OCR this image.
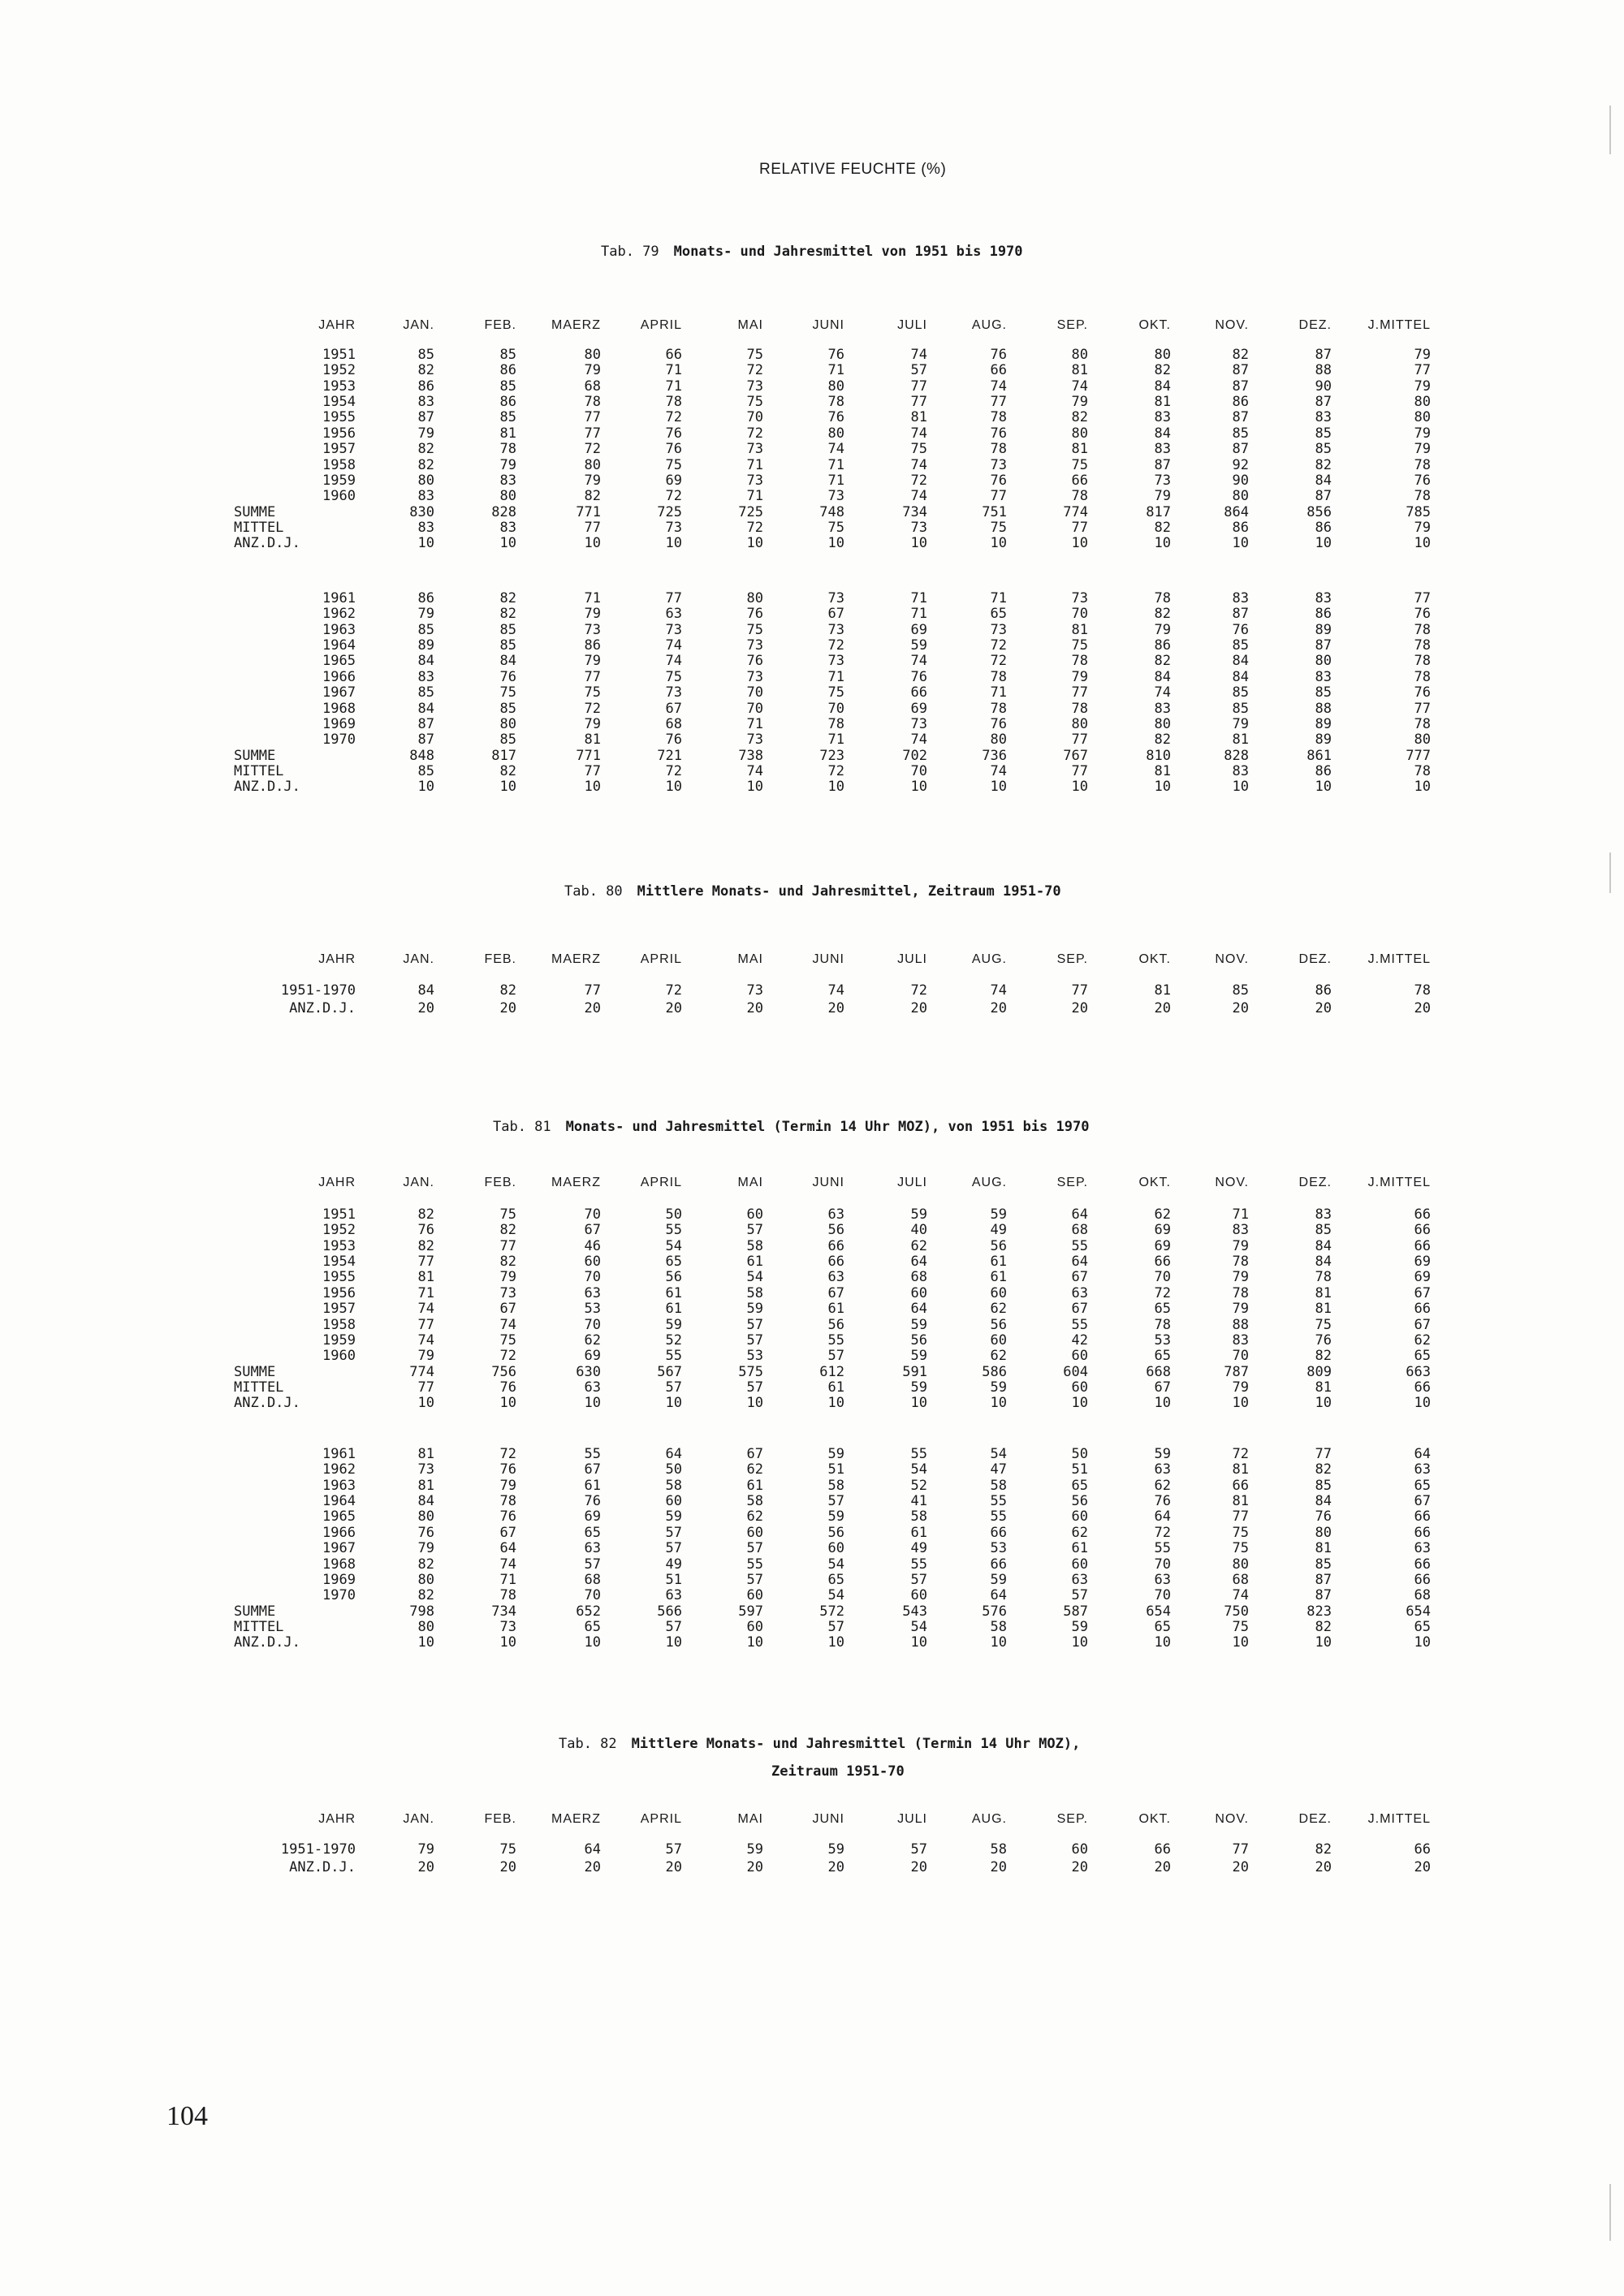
RELATIVE FEUCHTE (%)
Tab. 79 Monats- und Jahresmittel von 1951 bis 1970
JAHR	JAN.	FEB.	MAERZ	APRIL	MAI	JUNI	JULI	AUG.	SEP.	OKT.	NOV.	DEZ.	J.MITTEL
1951	85	85	80	66	75	76	74	76	80	80	82	87	79
1952	82	86	79	71	72	71	57	66	81	82	87	88	77
1953	86	85	68	71	73	80	77	74	74	84	87	90	79
1954	83	86	78	78	75	78	77	77	79	81	86	87	80
1955	87	85	77	72	70	76	81	78	82	83	87	83	80
1956	79	81	77	76	72	80	74	76	80	84	85	85	79
1957	82	78	72	76	73	74	75	78	81	83	87	85	79
1958	82	79	80	75	71	71	74	73	75	87	92	82	78
1959	80	83	79	69	73	71	72	76	66	73	90	84	76
1960	83	80	82	72	71	73	74	77	78	79	80	87	78
SUMME	830	828	771	725	725	748	734	751	774	817	864	856	785
MITTEL	83	83	77	73	72	75	73	75	77	82	86	86	79
ANZ.D.J.	10	10	10	10	10	10	10	10	10	10	10	10	10
1961	86	82	71	77	80	73	71	71	73	78	83	83	77
1962	79	82	79	63	76	67	71	65	70	82	87	86	76
1963	85	85	73	73	75	73	69	73	81	79	76	89	78
1964	89	85	86	74	73	72	59	72	75	86	85	87	78
1965	84	84	79	74	76	73	74	72	78	82	84	80	78
1966	83	76	77	75	73	71	76	78	79	84	84	83	78
1967	85	75	75	73	70	75	66	71	77	74	85	85	76
1968	84	85	72	67	70	70	69	78	78	83	85	88	77
1969	87	80	79	68	71	78	73	76	80	80	79	89	78
1970	87	85	81	76	73	71	74	80	77	82	81	89	80
SUMME	848	817	771	721	738	723	702	736	767	810	828	861	777
MITTEL	85	82	77	72	74	72	70	74	77	81	83	86	78
ANZ.D.J.	10	10	10	10	10	10	10	10	10	10	10	10	10
Tab. 80 Mittlere Monats- und Jahresmittel, Zeitraum 1951-70
JAHR	JAN.	FEB.	MAERZ	APRIL	MAI	JUNI	JULI	AUG.	SEP.	OKT.	NOV.	DEZ.	J.MITTEL
1951-1970	84	82	77	72	73	74	72	74	77	81	85	86	78
ANZ.D.J.	20	20	20	20	20	20	20	20	20	20	20	20	20
Tab. 81 Monats- und Jahresmittel (Termin 14 Uhr MOZ), von 1951 bis 1970
JAHR	JAN.	FEB.	MAERZ	APRIL	MAI	JUNI	JULI	AUG.	SEP.	OKT.	NOV.	DEZ.	J.MITTEL
1951	82	75	70	50	60	63	59	59	64	62	71	83	66
1952	76	82	67	55	57	56	40	49	68	69	83	85	66
1953	82	77	46	54	58	66	62	56	55	69	79	84	66
1954	77	82	60	65	61	66	64	61	64	66	78	84	69
1955	81	79	70	56	54	63	68	61	67	70	79	78	69
1956	71	73	63	61	58	67	60	60	63	72	78	81	67
1957	74	67	53	61	59	61	64	62	67	65	79	81	66
1958	77	74	70	59	57	56	59	56	55	78	88	75	67
1959	74	75	62	52	57	55	56	60	42	53	83	76	62
1960	79	72	69	55	53	57	59	62	60	65	70	82	65
SUMME	774	756	630	567	575	612	591	586	604	668	787	809	663
MITTEL	77	76	63	57	57	61	59	59	60	67	79	81	66
ANZ.D.J.	10	10	10	10	10	10	10	10	10	10	10	10	10
1961	81	72	55	64	67	59	55	54	50	59	72	77	64
1962	73	76	67	50	62	51	54	47	51	63	81	82	63
1963	81	79	61	58	61	58	52	58	65	62	66	85	65
1964	84	78	76	60	58	57	41	55	56	76	81	84	67
1965	80	76	69	59	62	59	58	55	60	64	77	76	66
1966	76	67	65	57	60	56	61	66	62	72	75	80	66
1967	79	64	63	57	57	60	49	53	61	55	75	81	63
1968	82	74	57	49	55	54	55	66	60	70	80	85	66
1969	80	71	68	51	57	65	57	59	63	63	68	87	66
1970	82	78	70	63	60	54	60	64	57	70	74	87	68
SUMME	798	734	652	566	597	572	543	576	587	654	750	823	654
MITTEL	80	73	65	57	60	57	54	58	59	65	75	82	65
ANZ.D.J.	10	10	10	10	10	10	10	10	10	10	10	10	10
Tab. 82 Mittlere Monats- und Jahresmittel (Termin 14 Uhr MOZ),
Zeitraum 1951-70
JAHR	JAN.	FEB.	MAERZ	APRIL	MAI	JUNI	JULI	AUG.	SEP.	OKT.	NOV.	DEZ.	J.MITTEL
1951-1970	79	75	64	57	59	59	57	58	60	66	77	82	66
ANZ.D.J.	20	20	20	20	20	20	20	20	20	20	20	20	20
104
